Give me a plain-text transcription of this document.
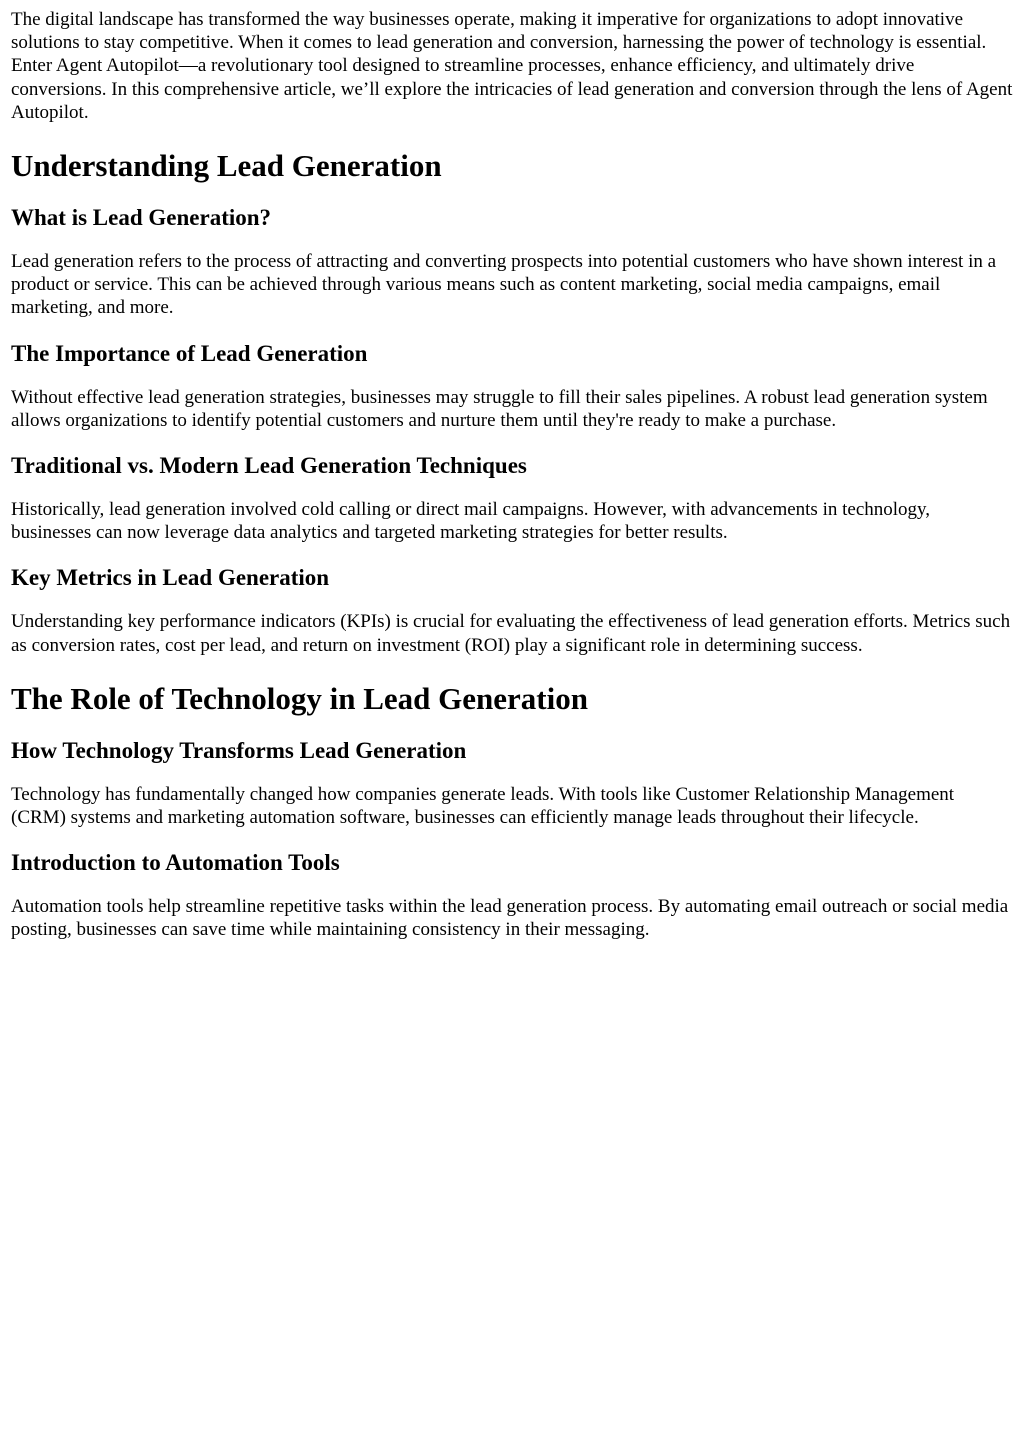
The digital landscape has transformed the way businesses operate, making it imperative for organizations to adopt innovative solutions to stay competitive. When it comes to lead generation and conversion, harnessing the power of technology is essential. Enter Agent Autopilot—a revolutionary tool designed to streamline processes, enhance efficiency, and ultimately drive conversions. In this comprehensive article, we’ll explore the intricacies of lead generation and conversion through the lens of Agent Autopilot.

Understanding Lead Generation
What is Lead Generation?

Lead generation refers to the process of attracting and converting prospects into potential customers who have shown interest in a product or service. This can be achieved through various means such as content marketing, social media campaigns, email marketing, and more.

The Importance of Lead Generation

Without effective lead generation strategies, businesses may struggle to fill their sales pipelines. A robust lead generation system allows organizations to identify potential customers and nurture them until they're ready to make a purchase.

Traditional vs. Modern Lead Generation Techniques

Historically, lead generation involved cold calling or direct mail campaigns. However, with advancements in technology, businesses can now leverage data analytics and targeted marketing strategies for better results.

Key Metrics in Lead Generation

Understanding key performance indicators (KPIs) is crucial for evaluating the effectiveness of lead generation efforts. Metrics such as conversion rates, cost per lead, and return on investment (ROI) play a significant role in determining success.

The Role of Technology in Lead Generation
How Technology Transforms Lead Generation

Technology has fundamentally changed how companies generate leads. With tools like Customer Relationship Management (CRM) systems and marketing automation software, businesses can efficiently manage leads throughout their lifecycle.

Introduction to Automation Tools

Automation tools help streamline repetitive tasks within the lead generation process. By automating email outreach or social media posting, businesses can save time while maintaining consistency in their messaging.
